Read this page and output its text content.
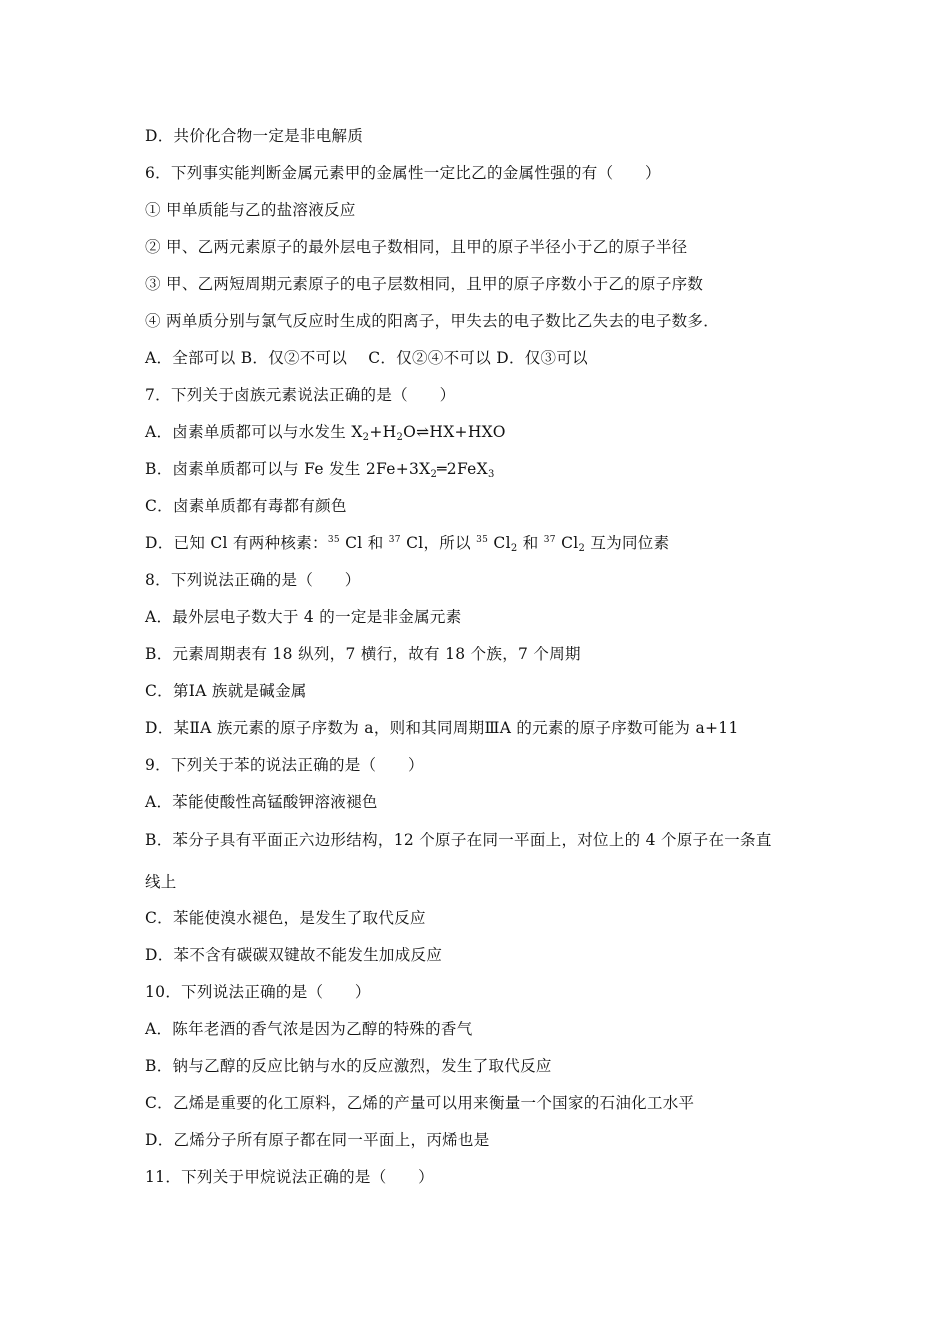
D．共价化合物一定是非电解质
6．下列事实能判断金属元素甲的金属性一定比乙的金属性强的有（　　）
① 甲单质能与乙的盐溶液反应
② 甲、乙两元素原子的最外层电子数相同，且甲的原子半径小于乙的原子半径
③ 甲、乙两短周期元素原子的电子层数相同，且甲的原子序数小于乙的原子序数
④ 两单质分别与氯气反应时生成的阳离子，甲失去的电子数比乙失去的电子数多．
A．全部可以 B．仅②不可以　 C．仅②④不可以 D．仅③可以
7．下列关于卤族元素说法正确的是（　　）
A．卤素单质都可以与水发生 $X_2+H_2O\rightleftharpoons HX+HXO$
B．卤素单质都可以与 Fe 发生 $2Fe+3X_2═2FeX_3$
C．卤素单质都有毒都有颜色
D．已知 Cl 有两种核素：$^{35}$ Cl 和 $^{37}$ Cl，所以 $^{35}$ $Cl_2$ 和 $^{37}$ $Cl_2$ 互为同位素
8．下列说法正确的是（　　）
A．最外层电子数大于 4 的一定是非金属元素
B．元素周期表有 18 纵列，7 横行，故有 18 个族，7 个周期
C．第ⅠA 族就是碱金属
D．某ⅡA 族元素的原子序数为 a，则和其同周期ⅢA 的元素的原子序数可能为 a+11
9．下列关于苯的说法正确的是（　　）
A．苯能使酸性高锰酸钾溶液褪色
B．苯分子具有平面正六边形结构，12 个原子在同一平面上，对位上的 4 个原子在一条直
线上
C．苯能使溴水褪色，是发生了取代反应
D．苯不含有碳碳双键故不能发生加成反应
10．下列说法正确的是（　　）
A．陈年老酒的香气浓是因为乙醇的特殊的香气
B．钠与乙醇的反应比钠与水的反应激烈，发生了取代反应
C．乙烯是重要的化工原料，乙烯的产量可以用来衡量一个国家的石油化工水平
D．乙烯分子所有原子都在同一平面上，丙烯也是
11．下列关于甲烷说法正确的是（　　）
